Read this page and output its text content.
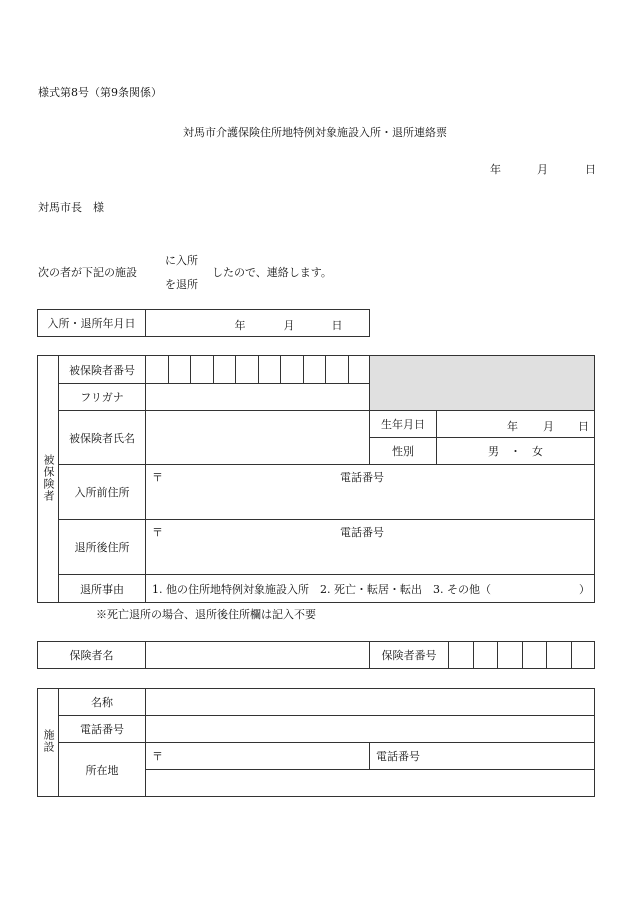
様式第8号（第9条関係）
対馬市介護保険住所地特例対象施設入所・退所連絡票
年	月	日
対馬市長　様
次の者が下記の施設
に入所
を退所
したので、連絡します。
入所・退所年月日	年	月	日
被保険者	被保険者番号												
	フリガナ												
	被保険者氏名											生年月日	年 月 日

												性別	男　・　女
	入所前住所	〒 電話番号											

	退所後住所	〒 電話番号											

	退所事由	1. 他の住所地特例対象施設入所　2. 死亡・転居・転出　3. その他（　　　　　　　　）											
※死亡退所の場合、退所後住所欄は記入不要
保険者名		保険者番号						
施設	名称		
	電話番号		
	所在地	〒	電話番号
